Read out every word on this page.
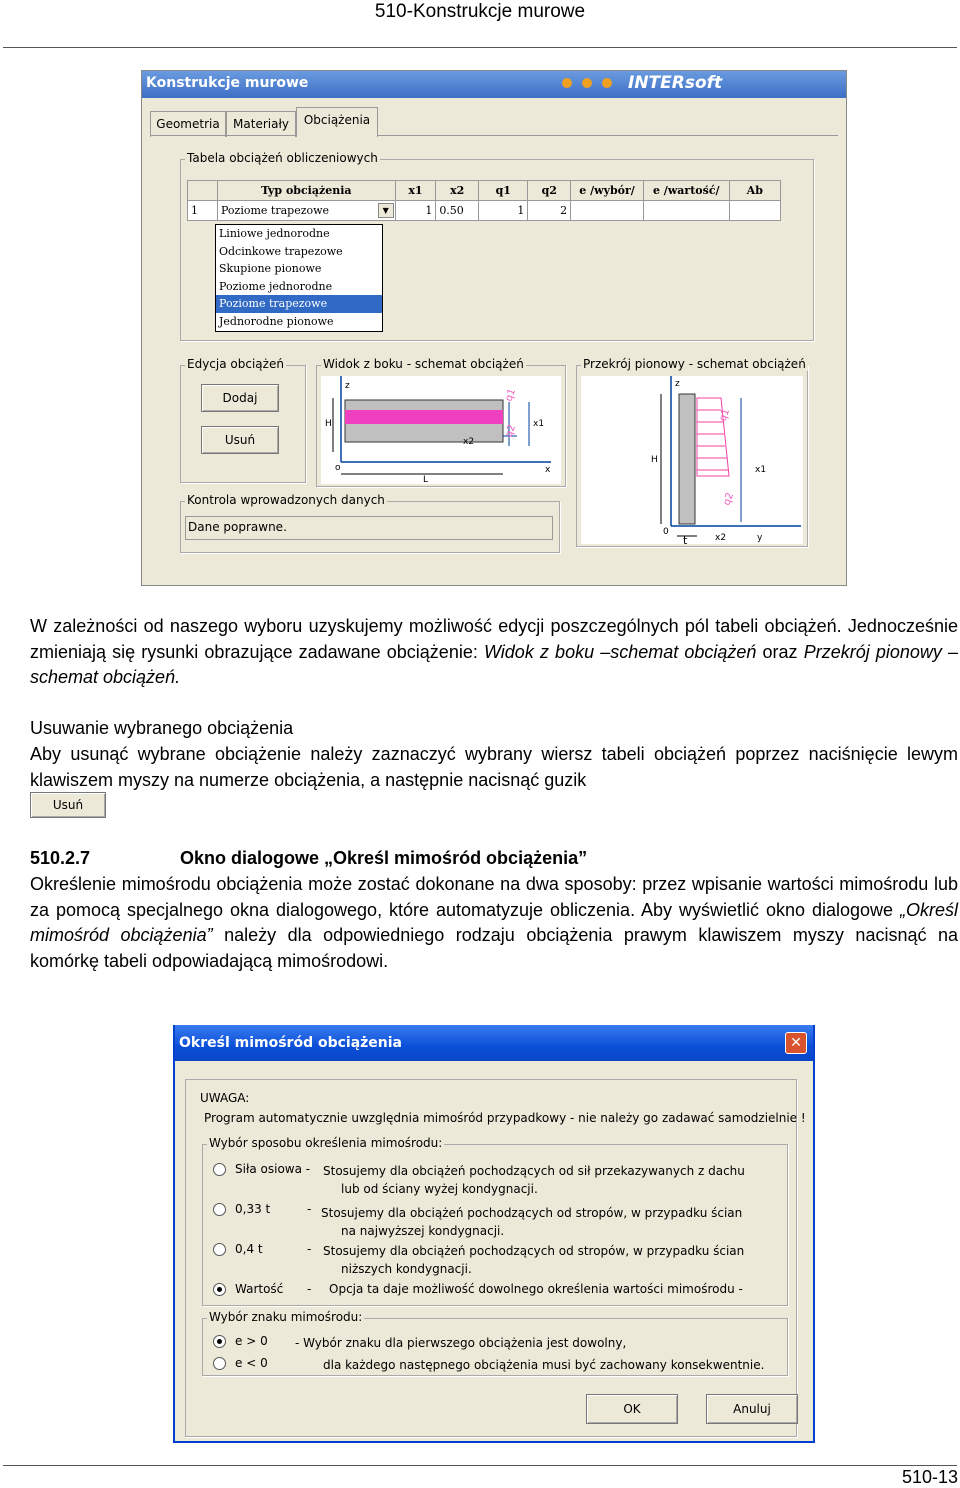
510-Konstrukcje murowe
Konstrukcje murowe	INTERsoft
Geometria	Materiały	Obciążenia
Tabela obciążeń obliczeniowych
	Typ obciążenia	x1	x2	q1	q2	e /wybór/	e /wartość/	Ab
1	Poziome trapezowe ▼	1	0.50	1	2			
Liniowe jednorodne
Odcinkowe trapezowe
Skupione pionowe
Poziome jednorodne
Poziome trapezowe
Jednorodne pionowe
Edycja obciążeń
Dodaj
Usuń
Widok z boku - schemat obciążeń
z
H
q1
q2 x1
x2
o
L
x
Przekrój pionowy - schemat obciążeń
z
H
q1
q2
x1
x2
0
t	y
Kontrola wprowadzonych danych
Dane poprawne.
W zależności od naszego wyboru uzyskujemy możliwość edycji poszczególnych pól tabeli obciążeń. Jednocześnie zmieniają się rysunki obrazujące zadawane obciążenie: Widok z boku –schemat obciążeń oraz Przekrój pionowy – schemat obciążeń.
Usuwanie wybranego obciążenia
Aby usunąć wybrane obciążenie należy zaznaczyć wybrany wiersz tabeli obciążeń poprzez naciśnięcie lewym klawiszem myszy na numerze obciążenia, a następnie nacisnąć guzik
Usuń
510.2.7	Okno dialogowe „Określ mimośród obciążenia”
Określenie mimośrodu obciążenia może zostać dokonane na dwa sposoby: przez wpisanie wartości mimośrodu lub za pomocą specjalnego okna dialogowego, które automatyzuje obliczenia. Aby wyświetlić okno dialogowe „Określ mimośród obciążenia” należy dla odpowiedniego rodzaju obciążenia prawym klawiszem myszy nacisnąć na komórkę tabeli odpowiadającą mimośrodowi.
Określ mimośród obciążenia	✕
UWAGA:
Program automatycznie uwzględnia mimośród przypadkowy - nie należy go zadawać samodzielnie !
Wybór sposobu określenia mimośrodu:
Siła osiowa - Stosujemy dla obciążeń pochodzących od sił przekazywanych z dachu
lub od ściany wyżej kondygnacji.
0,33 t	- Stosujemy dla obciążeń pochodzących od stropów, w przypadku ścian
na najwyższej kondygnacji.
0,4 t	- Stosujemy dla obciążeń pochodzących od stropów, w przypadku ścian
niższych kondygnacji.
Wartość - Opcja ta daje możliwość dowolnego określenia wartości mimośrodu -
Wybór znaku mimośrodu:
e > 0 - Wybór znaku dla pierwszego obciążenia jest dowolny,
e < 0	dla każdego następnego obciążenia musi być zachowany konsekwentnie.
OK	Anuluj
510-13
